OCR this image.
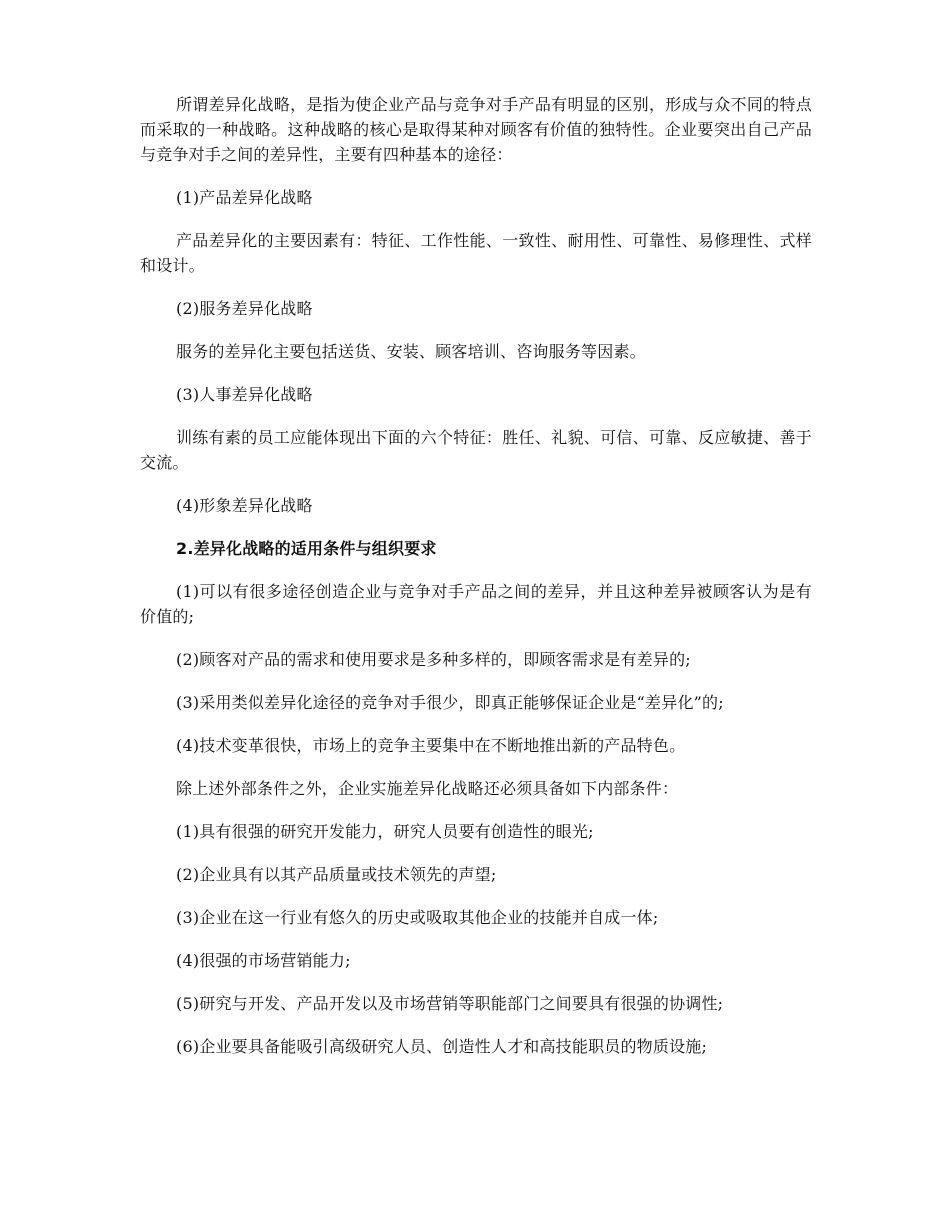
所谓差异化战略，是指为使企业产品与竞争对手产品有明显的区别，形成与众不同的特点而采取的一种战略。这种战略的核心是取得某种对顾客有价值的独特性。企业要突出自己产品与竞争对手之间的差异性，主要有四种基本的途径：

(1)产品差异化战略

产品差异化的主要因素有：特征、工作性能、一致性、耐用性、可靠性、易修理性、式样和设计。

(2)服务差异化战略

服务的差异化主要包括送货、安装、顾客培训、咨询服务等因素。

(3)人事差异化战略

训练有素的员工应能体现出下面的六个特征：胜任、礼貌、可信、可靠、反应敏捷、善于交流。

(4)形象差异化战略

2.差异化战略的适用条件与组织要求

(1)可以有很多途径创造企业与竞争对手产品之间的差异，并且这种差异被顾客认为是有价值的;

(2)顾客对产品的需求和使用要求是多种多样的，即顾客需求是有差异的;

(3)采用类似差异化途径的竞争对手很少，即真正能够保证企业是“差异化”的;

(4)技术变革很快，市场上的竞争主要集中在不断地推出新的产品特色。

除上述外部条件之外，企业实施差异化战略还必须具备如下内部条件：

(1)具有很强的研究开发能力，研究人员要有创造性的眼光;

(2)企业具有以其产品质量或技术领先的声望;

(3)企业在这一行业有悠久的历史或吸取其他企业的技能并自成一体;

(4)很强的市场营销能力;

(5)研究与开发、产品开发以及市场营销等职能部门之间要具有很强的协调性;

(6)企业要具备能吸引高级研究人员、创造性人才和高技能职员的物质设施;
